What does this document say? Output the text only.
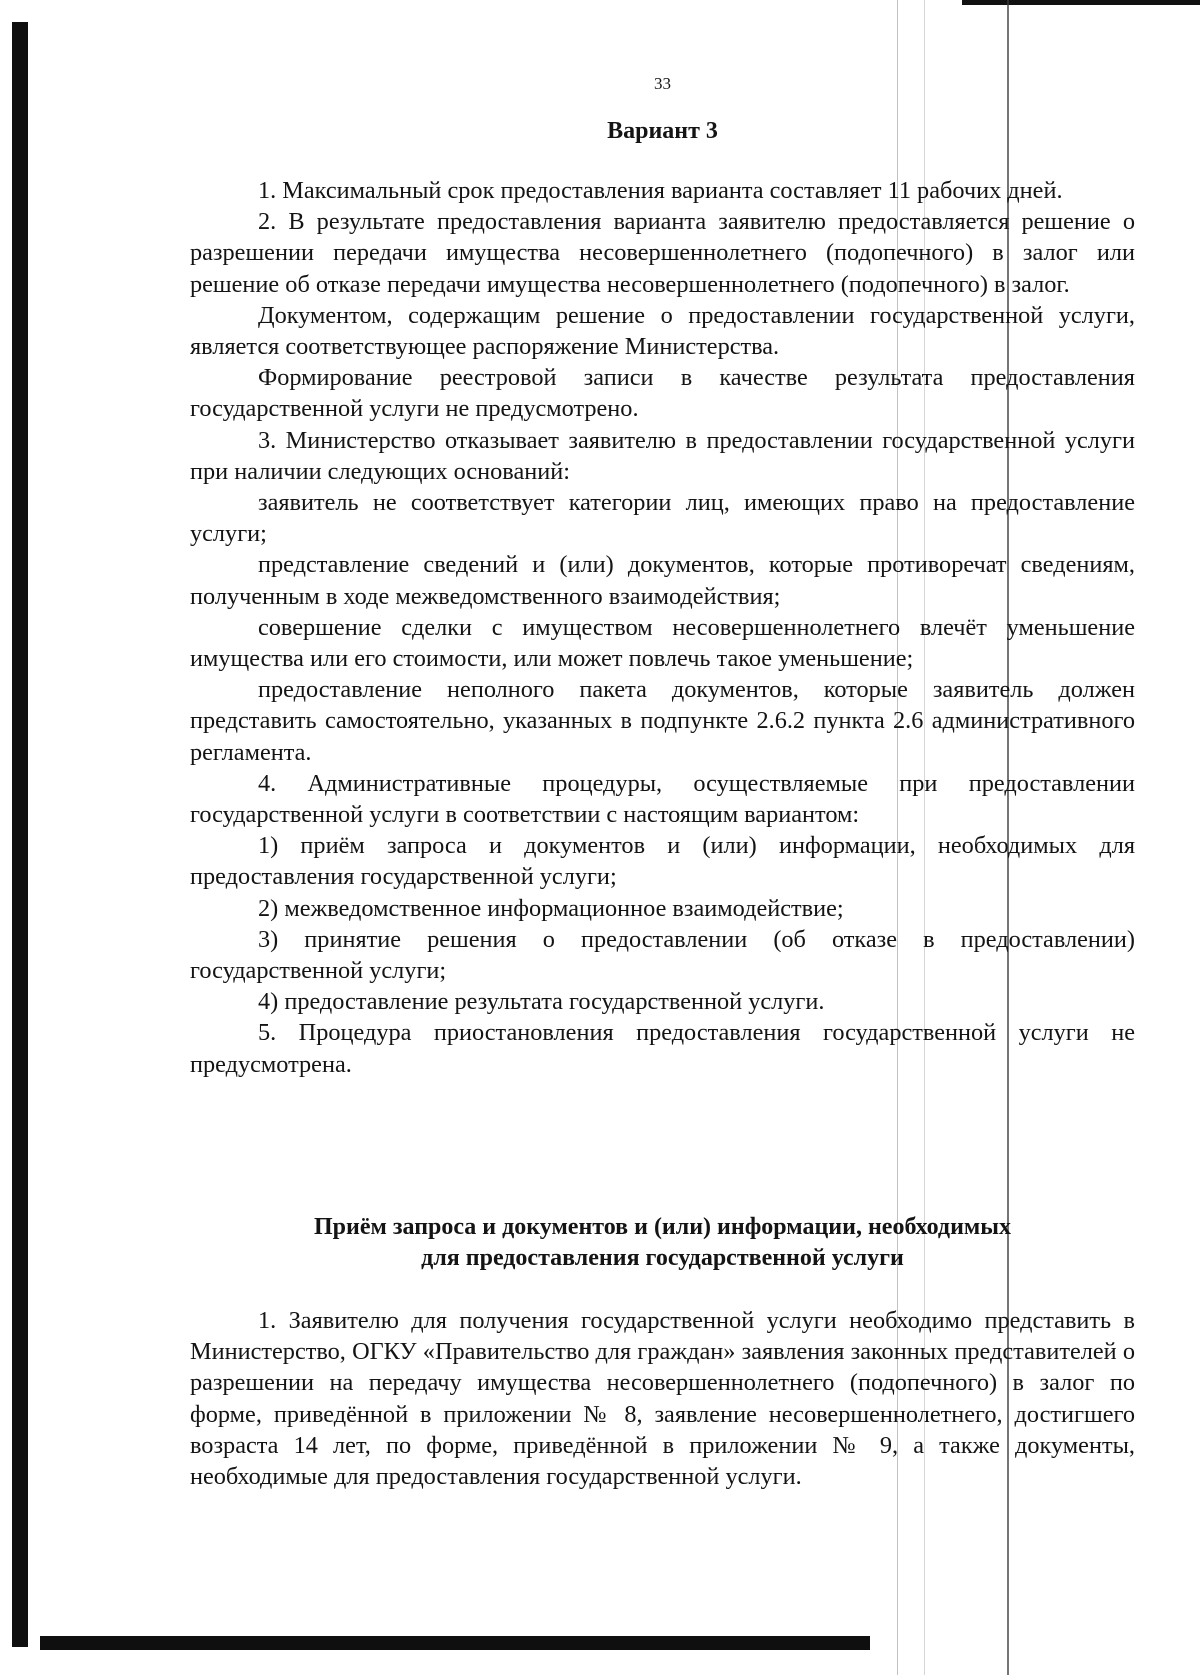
33
Вариант 3

1. Максимальный срок предоставления варианта составляет 11 рабочих дней.

2. В результате предоставления варианта заявителю предоставляется решение о разрешении передачи имущества несовершеннолетнего (подопечного) в залог или решение об отказе передачи имущества несовершеннолетнего (подопечного) в залог.

Документом, содержащим решение о предоставлении государственной услуги, является соответствующее распоряжение Министерства.

Формирование реестровой записи в качестве результата предоставления государственной услуги не предусмотрено.

3. Министерство отказывает заявителю в предоставлении государственной услуги при наличии следующих оснований:

заявитель не соответствует категории лиц, имеющих право на предоставление услуги;

представление сведений и (или) документов, которые противоречат сведениям, полученным в ходе межведомственного взаимодействия;

совершение сделки с имуществом несовершеннолетнего влечёт уменьшение имущества или его стоимости, или может повлечь такое уменьшение;

предоставление неполного пакета документов, которые заявитель должен представить самостоятельно, указанных в подпункте 2.6.2 пункта 2.6 административного регламента.

4. Административные процедуры, осуществляемые при предоставлении государственной услуги в соответствии с настоящим вариантом:

1) приём запроса и документов и (или) информации, необходимых для предоставления государственной услуги;

2) межведомственное информационное взаимодействие;

3) принятие решения о предоставлении (об отказе в предоставлении) государственной услуги;

4) предоставление результата государственной услуги.

5. Процедура приостановления предоставления государственной услуги не предусмотрена.

Приём запроса и документов и (или) информации, необходимых
для предоставления государственной услуги

1. Заявителю для получения государственной услуги необходимо представить в Министерство, ОГКУ «Правительство для граждан» заявления законных представителей о разрешении на передачу имущества несовершеннолетнего (подопечного) в залог по форме, приведённой в приложении № 8, заявление несовершеннолетнего, достигшего возраста 14 лет, по форме, приведённой в приложении № 9, а также документы, необходимые для предоставления государственной услуги.
